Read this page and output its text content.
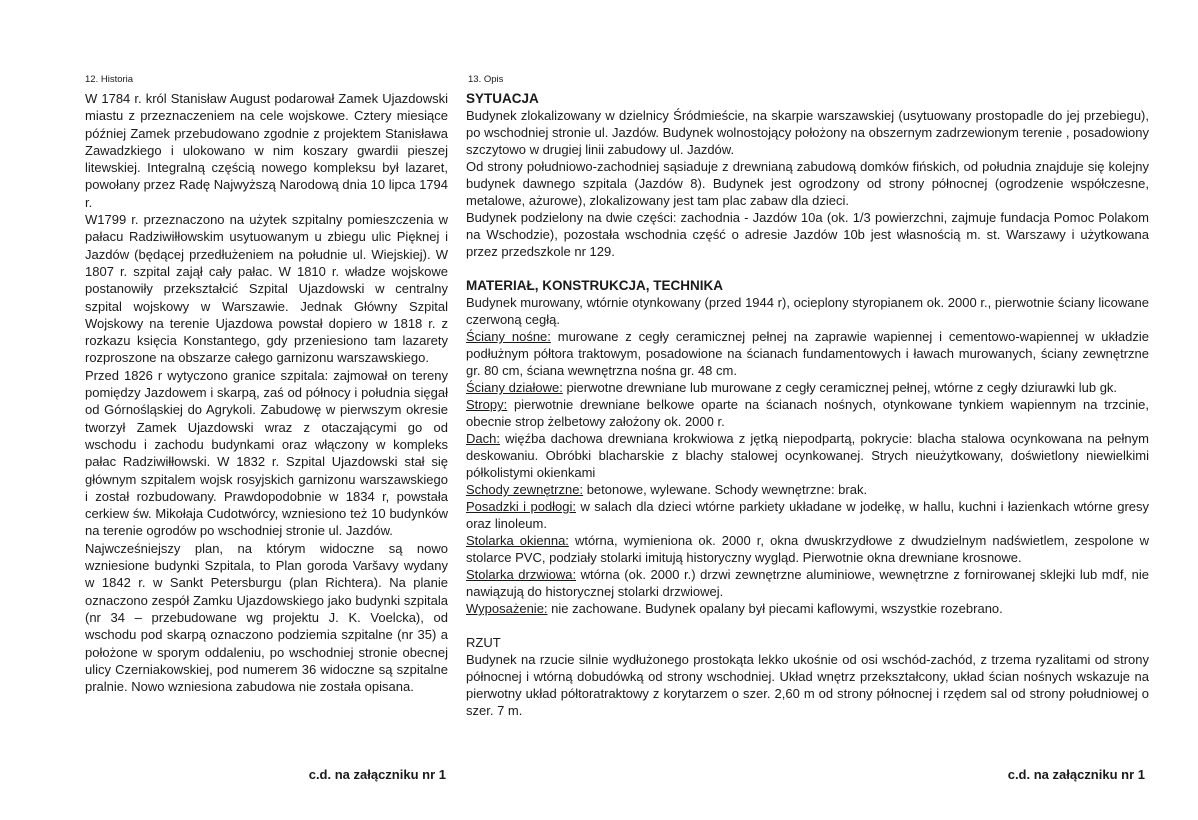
12. Historia

W 1784 r. król Stanisław August podarował Zamek Ujazdowski miastu z przeznaczeniem na cele wojskowe. Cztery miesiące później Zamek przebudowano zgodnie z projektem Stanisława Zawadzkiego i ulokowano w nim koszary gwardii pieszej litewskiej. Integralną częścią nowego kompleksu był lazaret, powołany przez Radę Najwyższą Narodową dnia 10 lipca 1794 r.

W1799 r. przeznaczono na użytek szpitalny pomieszczenia w pałacu Radziwiłłowskim usytuowanym u zbiegu ulic Pięknej i Jazdów (będącej przedłużeniem na południe ul. Wiejskiej). W 1807 r. szpital zajął cały pałac. W 1810 r. władze wojskowe postanowiły przekształcić Szpital Ujazdowski w centralny szpital wojskowy w Warszawie. Jednak Główny Szpital Wojskowy na terenie Ujazdowa powstał dopiero w 1818 r. z rozkazu księcia Konstantego, gdy przeniesiono tam lazarety rozproszone na obszarze całego garnizonu warszawskiego.

Przed 1826 r wytyczono granice szpitala: zajmował on tereny pomiędzy Jazdowem i skarpą, zaś od północy i południa sięgał od Górnośląskiej do Agrykoli. Zabudowę w pierwszym okresie tworzył Zamek Ujazdowski wraz z otaczającymi go od wschodu i zachodu budynkami oraz włączony w kompleks pałac Radziwiłłowski. W 1832 r. Szpital Ujazdowski stał się głównym szpitalem wojsk rosyjskich garnizonu warszawskiego i został rozbudowany. Prawdopodobnie w 1834 r, powstała cerkiew św. Mikołaja Cudotwórcy, wzniesiono też 10 budynków na terenie ogrodów po wschodniej stronie ul. Jazdów.

Najwcześniejszy plan, na którym widoczne są nowo wzniesione budynki Szpitala, to Plan goroda Varšavy wydany w 1842 r. w Sankt Petersburgu (plan Richtera). Na planie oznaczono zespół Zamku Ujazdowskiego jako budynki szpitala (nr 34 – przebudowane wg projektu J. K. Voelcka), od wschodu pod skarpą oznaczono podziemia szpitalne (nr 35) a położone w sporym oddaleniu, po wschodniej stronie obecnej ulicy Czerniakowskiej, pod numerem 36 widoczne są szpitalne pralnie. Nowo wzniesiona zabudowa nie została opisana.

c.d. na załączniku nr 1
13. Opis

SYTUACJA

Budynek zlokalizowany w dzielnicy Śródmieście, na skarpie warszawskiej (usytuowany prostopadle do jej przebiegu), po wschodniej stronie ul. Jazdów. Budynek wolnostojący położony na obszernym zadrzewionym terenie , posadowiony szczytowo w drugiej linii zabudowy ul. Jazdów.

Od strony południowo-zachodniej sąsiaduje z drewnianą zabudową domków fińskich, od południa znajduje się kolejny budynek dawnego szpitala (Jazdów 8). Budynek jest ogrodzony od strony północnej (ogrodzenie współczesne, metalowe, ażurowe), zlokalizowany jest tam plac zabaw dla dzieci.

Budynek podzielony na dwie części: zachodnia - Jazdów 10a (ok. 1/3 powierzchni, zajmuje fundacja Pomoc Polakom na Wschodzie), pozostała wschodnia część o adresie Jazdów 10b jest własnością m. st. Warszawy i użytkowana przez przedszkole nr 129.

MATERIAŁ, KONSTRUKCJA, TECHNIKA

Budynek murowany, wtórnie otynkowany (przed 1944 r), ocieplony styropianem ok. 2000 r., pierwotnie ściany licowane czerwoną cegłą.

Ściany nośne: murowane z cegły ceramicznej pełnej na zaprawie wapiennej i cementowo-wapiennej w układzie podłużnym półtora traktowym, posadowione na ścianach fundamentowych i ławach murowanych, ściany zewnętrzne gr. 80 cm, ściana wewnętrzna nośna gr. 48 cm.

Ściany działowe: pierwotne drewniane lub murowane z cegły ceramicznej pełnej, wtórne z cegły dziurawki lub gk.

Stropy: pierwotnie drewniane belkowe oparte na ścianach nośnych, otynkowane tynkiem wapiennym na trzcinie, obecnie strop żelbetowy założony ok. 2000 r.

Dach: więźba dachowa drewniana krokwiowa z jętką niepodpartą, pokrycie: blacha stalowa ocynkowana na pełnym deskowaniu. Obróbki blacharskie z blachy stalowej ocynkowanej. Strych nieużytkowany, doświetlony niewielkimi półkolistymi okienkami

Schody zewnętrzne: betonowe, wylewane. Schody wewnętrzne: brak.

Posadzki i podłogi: w salach dla dzieci wtórne parkiety układane w jodełkę, w hallu, kuchni i łazienkach wtórne gresy oraz linoleum.

Stolarka okienna: wtórna, wymieniona ok. 2000 r, okna dwuskrzydłowe z dwudzielnym nadświetlem, zespolone w stolarce PVC, podziały stolarki imitują historyczny wygląd. Pierwotnie okna drewniane krosnowe.

Stolarka drzwiowa: wtórna (ok. 2000 r.) drzwi zewnętrzne aluminiowe, wewnętrzne z fornirowanej sklejki lub mdf, nie nawiązują do historycznej stolarki drzwiowej.

Wyposażenie: nie zachowane. Budynek opalany był piecami kaflowymi, wszystkie rozebrano.

RZUT

Budynek na rzucie silnie wydłużonego prostokąta lekko ukośnie od osi wschód-zachód, z trzema ryzalitami od strony północnej i wtórną dobudówką od strony wschodniej. Układ wnętrz przekształcony, układ ścian nośnych wskazuje na pierwotny układ półtoratraktowy z korytarzem o szer. 2,60 m od strony północnej i rzędem sal od strony południowej o szer. 7 m.

c.d. na załączniku nr 1
